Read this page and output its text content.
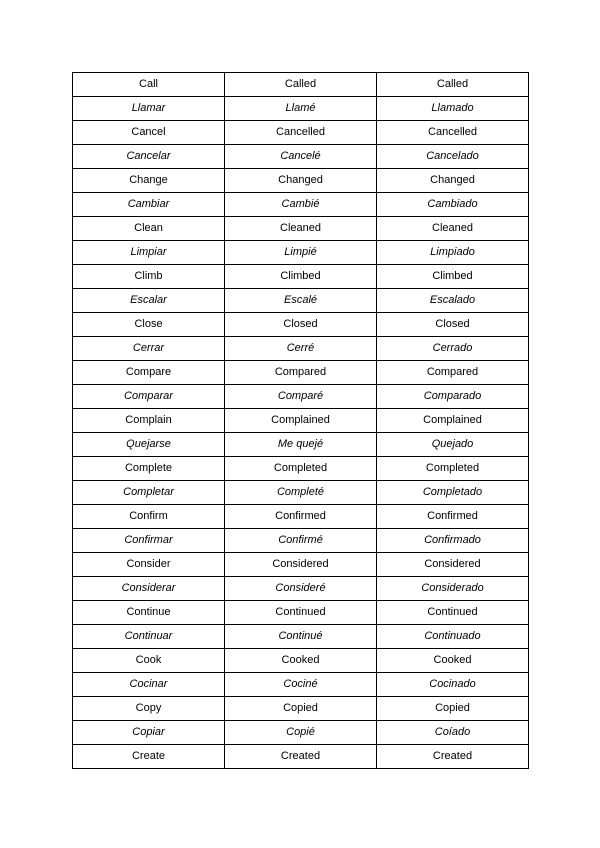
Call	Called	Called
Llamar	Llamé	Llamado
Cancel	Cancelled	Cancelled
Cancelar	Cancelé	Cancelado
Change	Changed	Changed
Cambiar	Cambié	Cambiado
Clean	Cleaned	Cleaned
Limpiar	Limpié	Limpiado
Climb	Climbed	Climbed
Escalar	Escalé	Escalado
Close	Closed	Closed
Cerrar	Cerré	Cerrado
Compare	Compared	Compared
Comparar	Comparé	Comparado
Complain	Complained	Complained
Quejarse	Me quejé	Quejado
Complete	Completed	Completed
Completar	Completé	Completado
Confirm	Confirmed	Confirmed
Confirmar	Confirmé	Confirmado
Consider	Considered	Considered
Considerar	Consideré	Considerado
Continue	Continued	Continued
Continuar	Continué	Continuado
Cook	Cooked	Cooked
Cocinar	Cociné	Cocinado
Copy	Copied	Copied
Copiar	Copié	Coíado
Create	Created	Created
